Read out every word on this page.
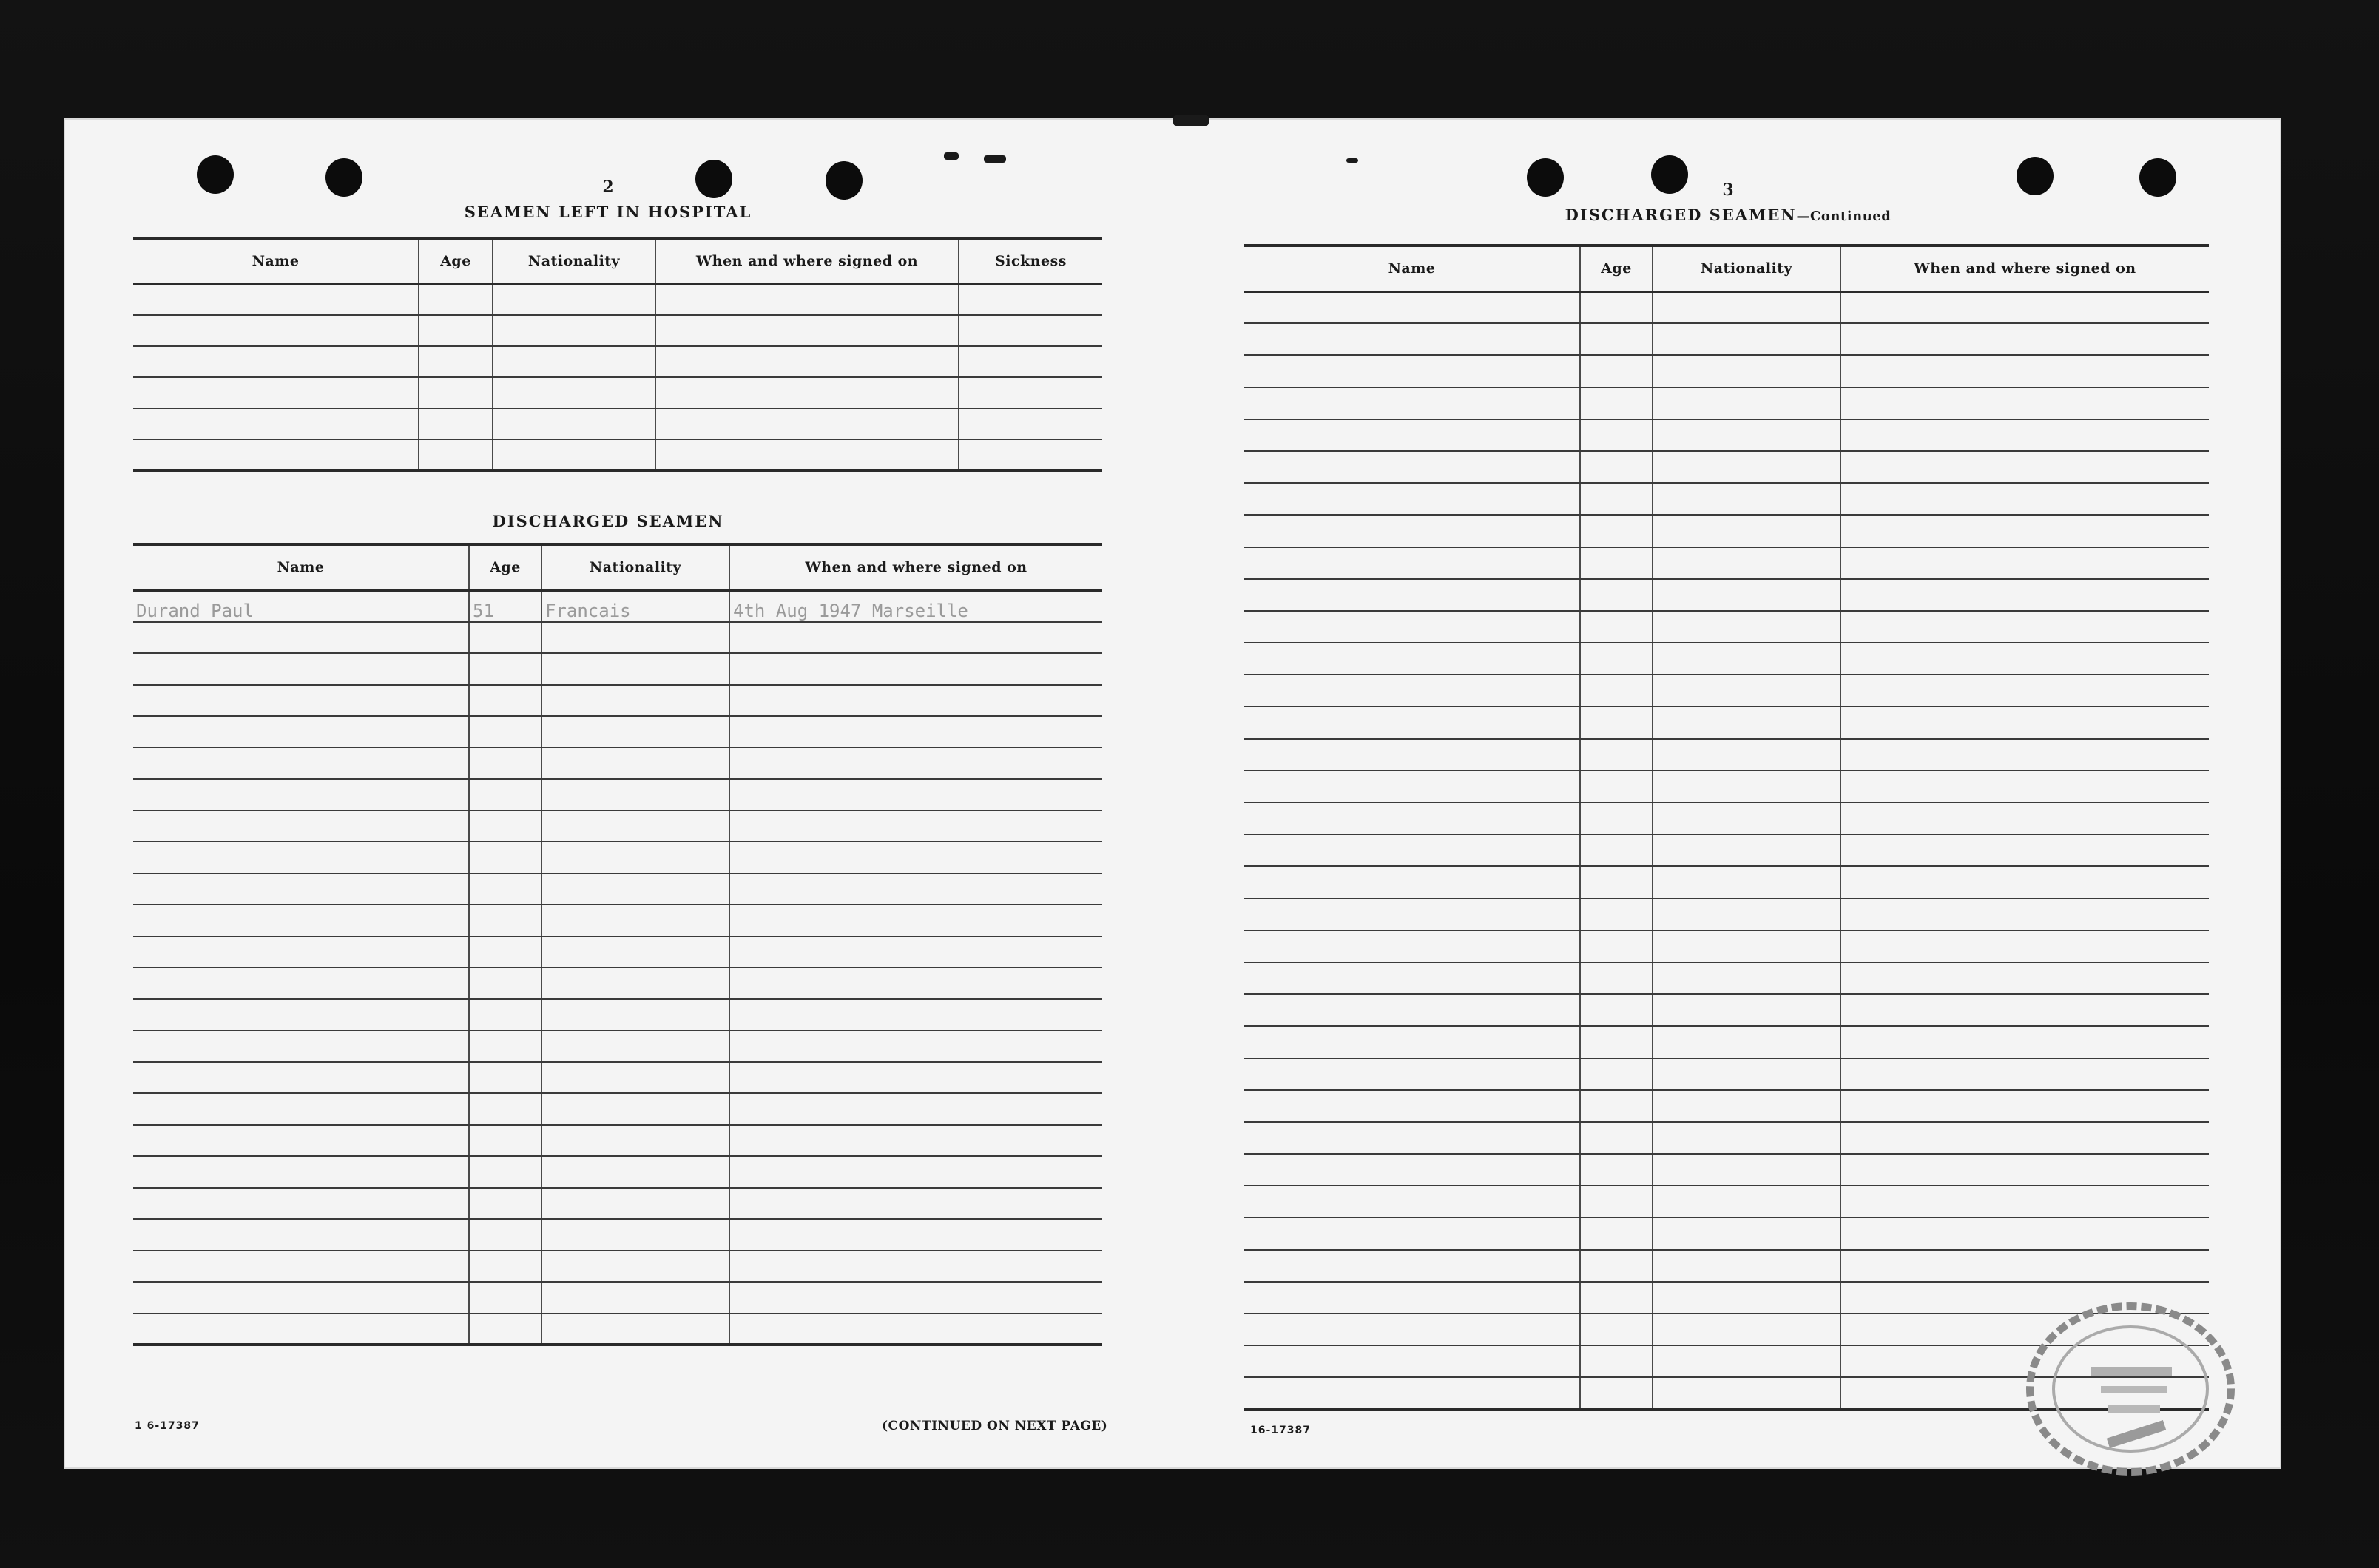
2
SEAMEN LEFT IN HOSPITAL
Name	Age	Nationality	When and where signed on	Sickness

DISCHARGED SEAMEN
Name	Age	Nationality	When and where signed on
Durand Paul	51	Francais	4th Aug 1947 Marseille

1 6-17387	(CONTINUED ON NEXT PAGE)
3
DISCHARGED SEAMEN—Continued
Name	Age	Nationality	When and where signed on

16-17387
